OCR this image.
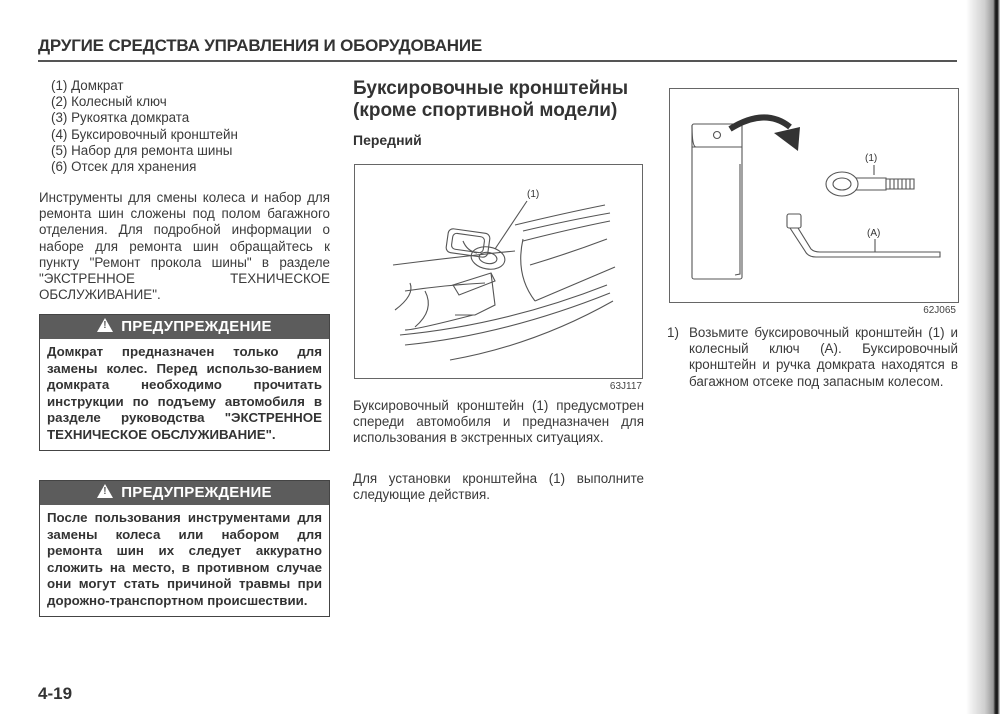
ДРУГИЕ СРЕДСТВА УПРАВЛЕНИЯ И ОБОРУДОВАНИЕ
(1) Домкрат
(2) Колесный ключ
(3) Рукоятка домкрата
(4) Буксировочный кронштейн
(5) Набор для ремонта шины
(6) Отсек для хранения

Инструменты для смены колеса и набор для ремонта шин сложены под полом багажного отделения. Для подробной информации о наборе для ремонта шин обращайтесь к пункту "Ремонт прокола шины" в разделе "ЭКСТРЕННОЕ ТЕХНИЧЕСКОЕ ОБСЛУЖИВАНИЕ".

!ПРЕДУПРЕЖДЕНИЕ
Домкрат предназначен только для замены колес. Перед использо-ванием домкрата необходимо прочитать инструкции по подъему автомобиля в разделе руководства "ЭКСТРЕННОЕ ТЕХНИЧЕСКОЕ ОБСЛУЖИВАНИЕ".
!ПРЕДУПРЕЖДЕНИЕ
После пользования инструментами для замены колеса или набором для ремонта шин их следует аккуратно сложить на место, в противном случае они могут стать причиной травмы при дорожно-транспортном происшествии.
Буксировочные кронштейны (кроме спортивной модели)
Передний
(1)
63J117

Буксировочный кронштейн (1) предусмотрен спереди автомобиля и предназначен для использования в экстренных ситуациях.

Для установки кронштейна (1) выполните следующие действия.

(1)
(A)
62J065
1) Возьмите буксировочный кронштейн (1) и колесный ключ (A). Буксировочный кронштейн и ручка домкрата находятся в багажном отсеке под запасным колесом.
4-19
